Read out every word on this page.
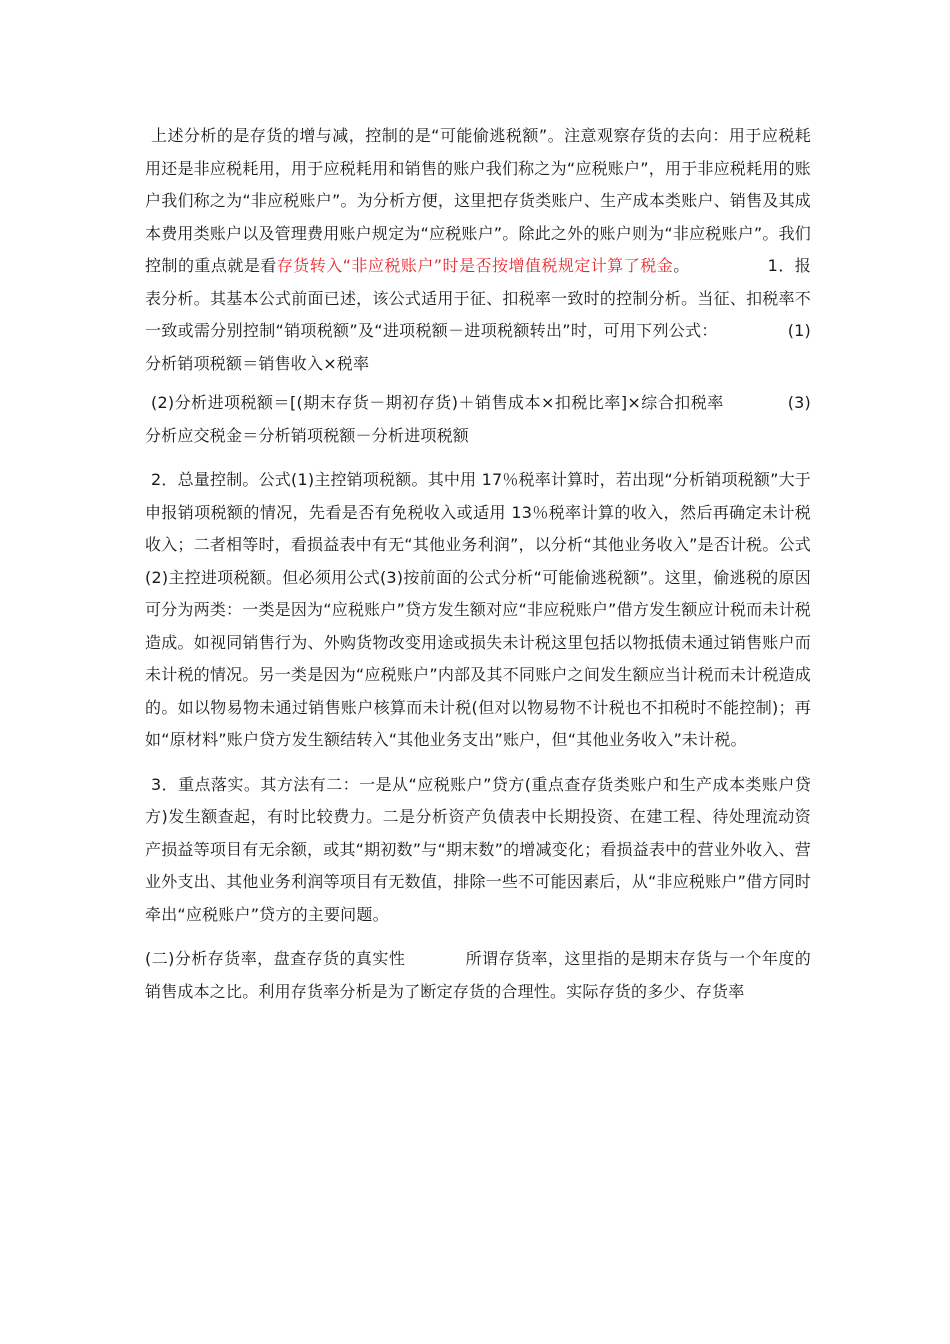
上述分析的是存货的增与减，控制的是“可能偷逃税额”。注意观察存货的去向：用于应税耗用还是非应税耗用，用于应税耗用和销售的账户我们称之为“应税账户”，用于非应税耗用的账户我们称之为“非应税账户”。为分析方便，这里把存货类账户、生产成本类账户、销售及其成本费用类账户以及管理费用账户规定为“应税账户”。除此之外的账户则为“非应税账户”。我们控制的重点就是看存货转入“非应税账户”时是否按增值税规定计算了税金。	1．报表分析。其基本公式前面已述，该公式适用于征、扣税率一致时的控制分析。当征、扣税率不一致或需分别控制“销项税额”及“进项税额－进项税额转出”时，可用下列公式：	(1)分析销项税额＝销售收入×税率

(2)分析进项税额＝[(期末存货－期初存货)＋销售成本×扣税比率]×综合扣税率	(3)分析应交税金＝分析销项税额－分析进项税额

2．总量控制。公式(1)主控销项税额。其中用 17％税率计算时，若出现“分析销项税额”大于申报销项税额的情况，先看是否有免税收入或适用 13％税率计算的收入，然后再确定未计税收入；二者相等时，看损益表中有无“其他业务利润”，以分析“其他业务收入”是否计税。公式(2)主控进项税额。但必须用公式(3)按前面的公式分析“可能偷逃税额”。这里，偷逃税的原因可分为两类：一类是因为“应税账户”贷方发生额对应“非应税账户”借方发生额应计税而未计税造成。如视同销售行为、外购货物改变用途或损失未计税这里包括以物抵债未通过销售账户而未计税的情况。另一类是因为“应税账户”内部及其不同账户之间发生额应当计税而未计税造成的。如以物易物未通过销售账户核算而未计税(但对以物易物不计税也不扣税时不能控制)；再如“原材料”账户贷方发生额结转入“其他业务支出”账户，但“其他业务收入”未计税。

3．重点落实。其方法有二：一是从“应税账户”贷方(重点查存货类账户和生产成本类账户贷方)发生额查起，有时比较费力。二是分析资产负债表中长期投资、在建工程、待处理流动资产损益等项目有无余额，或其“期初数”与“期末数”的增减变化；看损益表中的营业外收入、营业外支出、其他业务利润等项目有无数值，排除一些不可能因素后，从“非应税账户”借方同时牵出“应税账户”贷方的主要问题。

(二)分析存货率，盘查存货的真实性	所谓存货率，这里指的是期末存货与一个年度的销售成本之比。利用存货率分析是为了断定存货的合理性。实际存货的多少、存货率
